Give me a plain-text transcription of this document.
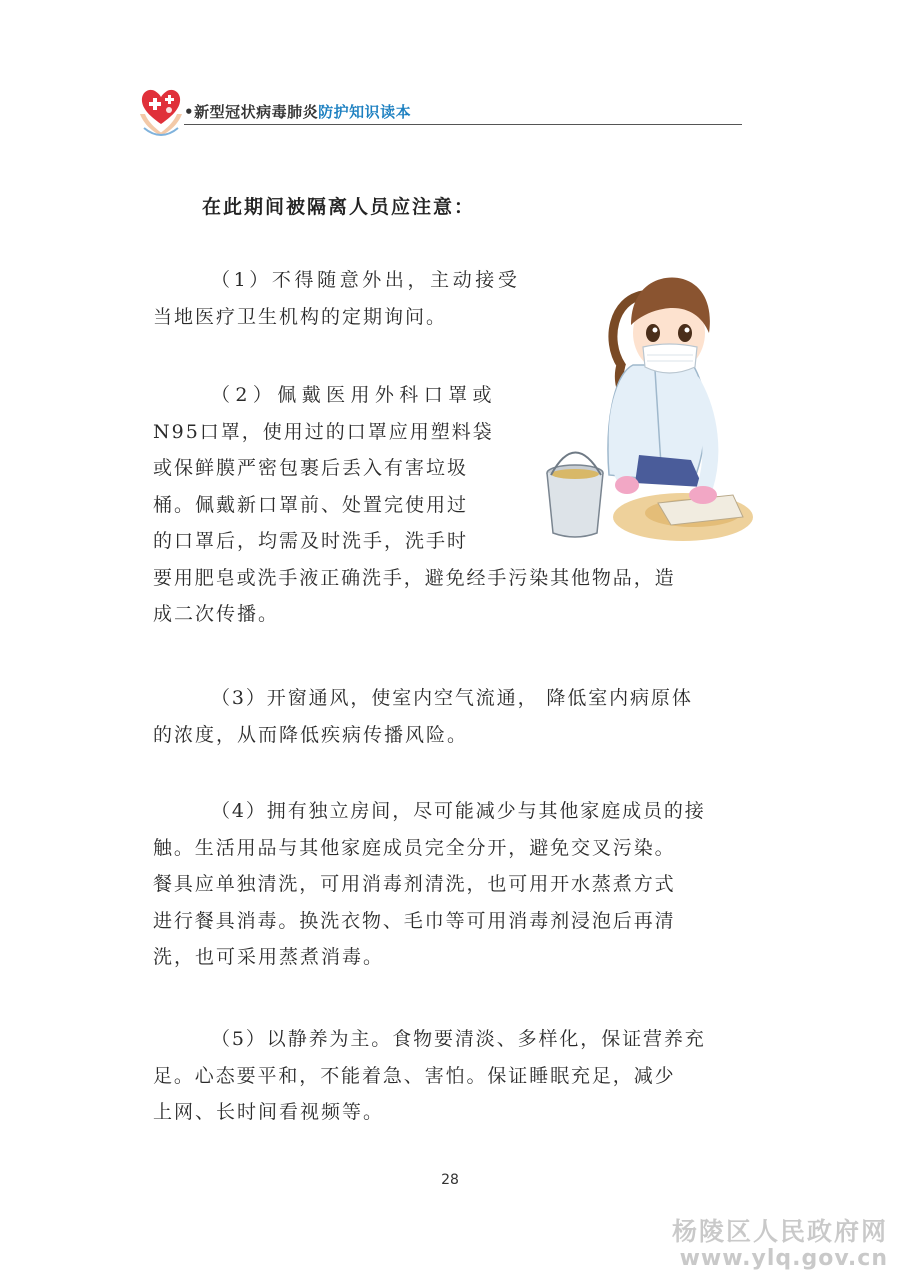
•新型冠状病毒肺炎防护知识读本
在此期间被隔离人员应注意：
（1）不得随意外出，主动接受
当地医疗卫生机构的定期询问。
（2）佩戴医用外科口罩或
N95口罩，使用过的口罩应用塑料袋
或保鲜膜严密包裹后丢入有害垃圾
桶。佩戴新口罩前、处置完使用过
的口罩后，均需及时洗手，洗手时
要用肥皂或洗手液正确洗手，避免经手污染其他物品，造
成二次传播。
（3）开窗通风，使室内空气流通， 降低室内病原体
的浓度，从而降低疾病传播风险。
（4）拥有独立房间，尽可能减少与其他家庭成员的接
触。生活用品与其他家庭成员完全分开，避免交叉污染。
餐具应单独清洗，可用消毒剂清洗，也可用开水蒸煮方式
进行餐具消毒。换洗衣物、毛巾等可用消毒剂浸泡后再清
洗，也可采用蒸煮消毒。
（5）以静养为主。食物要清淡、多样化，保证营养充
足。心态要平和，不能着急、害怕。保证睡眠充足，减少
上网、长时间看视频等。
28
杨陵区人民政府网
www.ylq.gov.cn
